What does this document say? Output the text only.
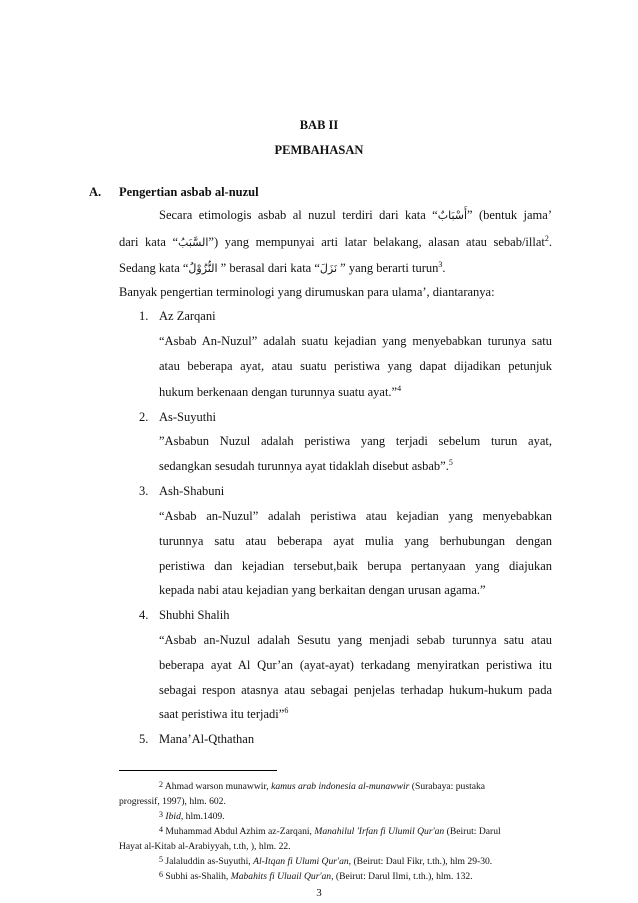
BAB II
PEMBAHASAN
A. Pengertian asbab al-nuzul
Secara etimologis asbab al nuzul terdiri dari kata “أَسْبَابٌ” (bentuk jama’
dari kata “السَّبَبُ”) yang mempunyai arti latar belakang, alasan atau sebab/illat$^2$.
Sedang kata “النُّزُوْلُ ” berasal dari kata “نَزَلَ ” yang berarti turun$^3$.
Banyak pengertian terminologi yang dirumuskan para ulama’, diantaranya:
1. Az Zarqani
“Asbab An-Nuzul” adalah suatu kejadian yang menyebabkan turunya satu
atau beberapa ayat, atau suatu peristiwa yang dapat dijadikan petunjuk
hukum berkenaan dengan turunnya suatu ayat.”$^4$
2. As-Suyuthi
”Asbabun Nuzul adalah peristiwa yang terjadi sebelum turun ayat,
sedangkan sesudah turunnya ayat tidaklah disebut asbab”.$^5$
3. Ash-Shabuni
“Asbab an-Nuzul” adalah peristiwa atau kejadian yang menyebabkan
turunnya satu atau beberapa ayat mulia yang berhubungan dengan
peristiwa dan kejadian tersebut,baik berupa pertanyaan yang diajukan
kepada nabi atau kejadian yang berkaitan dengan urusan agama.”
4. Shubhi Shalih
“Asbab an-Nuzul adalah Sesutu yang menjadi sebab turunnya satu atau
beberapa ayat Al Qur’an (ayat-ayat) terkadang menyiratkan peristiwa itu
sebagai respon atasnya atau sebagai penjelas terhadap hukum-hukum pada
saat peristiwa itu terjadi”$^6$
5. Mana’Al-Qthathan
$^2$ Ahmad warson munawwir, kamus arab indonesia al-munawwir (Surabaya: pustaka
progressif, 1997), hlm. 602.
$^3$ Ibid, hlm.1409.
$^4$ Muhammad Abdul Azhim az-Zarqani, Manahilul 'Irfan fi Ulumil Qur'an (Beirut: Darul
Hayat al-Kitab al-Arabiyyah, t.th, ), hlm. 22.
$^5$ Jalaluddin as-Suyuthi, Al-Itqan fi Ulumi Qur'an, (Beirut: Daul Fikr, t.th.), hlm 29-30.
$^6$ Subhi as-Shalih, Mabahits fi Uluail Qur'an, (Beirut: Darul Ilmi, t.th.), hlm. 132.
3
